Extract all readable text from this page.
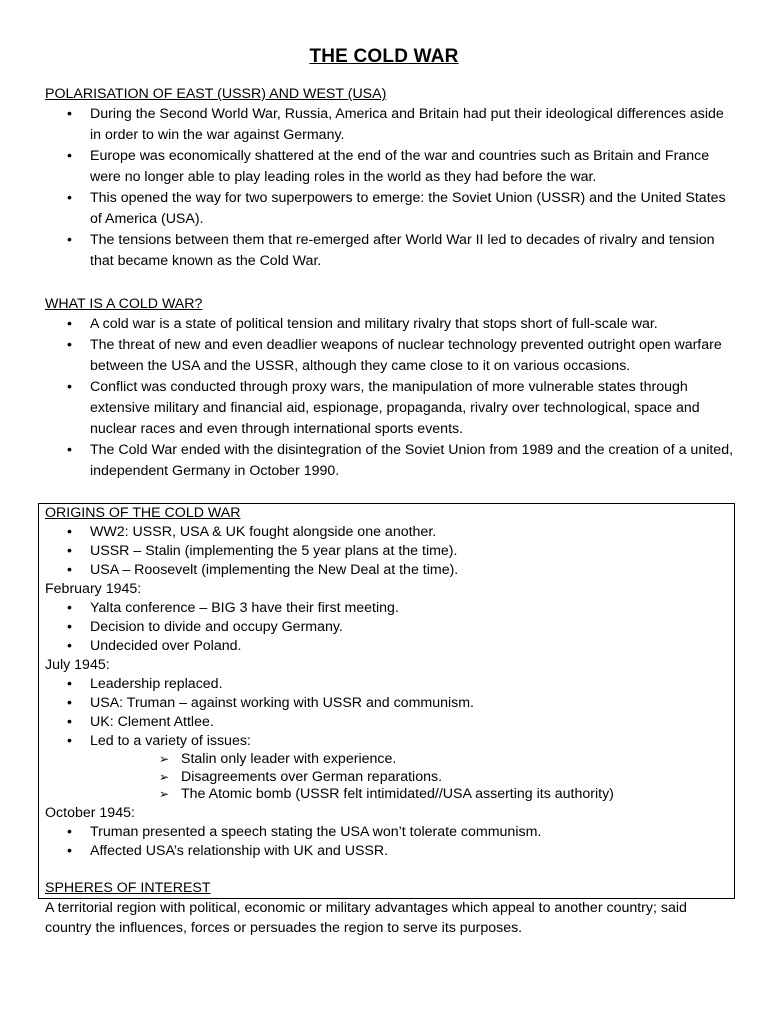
THE COLD WAR
POLARISATION OF EAST (USSR) AND WEST (USA)
• During the Second World War, Russia, America and Britain had put their ideological differences aside in order to win the war against Germany.
• Europe was economically shattered at the end of the war and countries such as Britain and France were no longer able to play leading roles in the world as they had before the war.
• This opened the way for two superpowers to emerge: the Soviet Union (USSR) and the United States of America (USA).
• The tensions between them that re-emerged after World War II led to decades of rivalry and tension that became known as the Cold War.
WHAT IS A COLD WAR?
• A cold war is a state of political tension and military rivalry that stops short of full-scale war.
• The threat of new and even deadlier weapons of nuclear technology prevented outright open warfare between the USA and the USSR, although they came close to it on various occasions.
• Conflict was conducted through proxy wars, the manipulation of more vulnerable states through extensive military and financial aid, espionage, propaganda, rivalry over technological, space and nuclear races and even through international sports events.
• The Cold War ended with the disintegration of the Soviet Union from 1989 and the creation of a united, independent Germany in October 1990.
ORIGINS OF THE COLD WAR
• WW2: USSR, USA & UK fought alongside one another.
• USSR – Stalin (implementing the 5 year plans at the time).
• USA – Roosevelt (implementing the New Deal at the time).
February 1945:
• Yalta conference – BIG 3 have their first meeting.
• Decision to divide and occupy Germany.
• Undecided over Poland.
July 1945:
• Leadership replaced.
• USA: Truman – against working with USSR and communism.
• UK: Clement Attlee.
• Led to a variety of issues:
➢ Stalin only leader with experience.
➢ Disagreements over German reparations.
➢ The Atomic bomb (USSR felt intimidated//USA asserting its authority)
October 1945:
• Truman presented a speech stating the USA won’t tolerate communism.
• Affected USA’s relationship with UK and USSR.
SPHERES OF INTEREST
A territorial region with political, economic or military advantages which appeal to another country; said country the influences, forces or persuades the region to serve its purposes.
